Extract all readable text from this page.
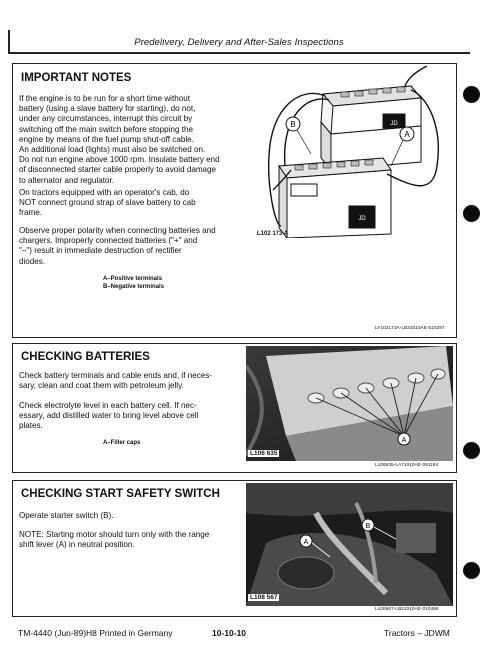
Predelivery, Delivery and After-Sales Inspections
IMPORTANT NOTES
If the engine is to be run for a short time without
battery (using a slave battery for starting), do not,
under any circumstances, interrupt this circuit by
switching off the main switch before stopping the
engine by means of the fuel pump shut-off cable.
An additional load (lights) must also be switched on.
Do not run engine above 1000 rpm. Insulate battery end
of disconnected starter cable properly to avoid damage
to alternator and regulator.
On tractors equipped with an operator's cab, do
NOT connect ground strap of slave battery to cab
frame.
Observe proper polarity when connecting batteries and
chargers. Improperly connected batteries ("+" and
"–") result in immediate destruction of rectifier
diodes.
A–Positive terminals
B–Negative terminals
JD
JD
B
A
L102 173 A
LY102173A-LB31010AE-010287
CHECKING BATTERIES
Check battery terminals and cable ends and, if neces-
sary, clean and coat them with petroleum jelly.
Check electrolyte level in each battery cell. If nec-
essary, add distilled water to bring level above cell
plates.
A–Filler caps	A
L106 635
L106635-LA71010AE-091184
CHECKING START SAFETY SWITCH
Operate starter switch (B).
NOTE: Starting motor should turn only with the range
shift lever (A) in neutral position.
B
A
L108 567
L108567-LB21010AE-010486
TM-4440 (Jun-89)H8 Printed in Germany	10-10-10	Tractors – JDWM
